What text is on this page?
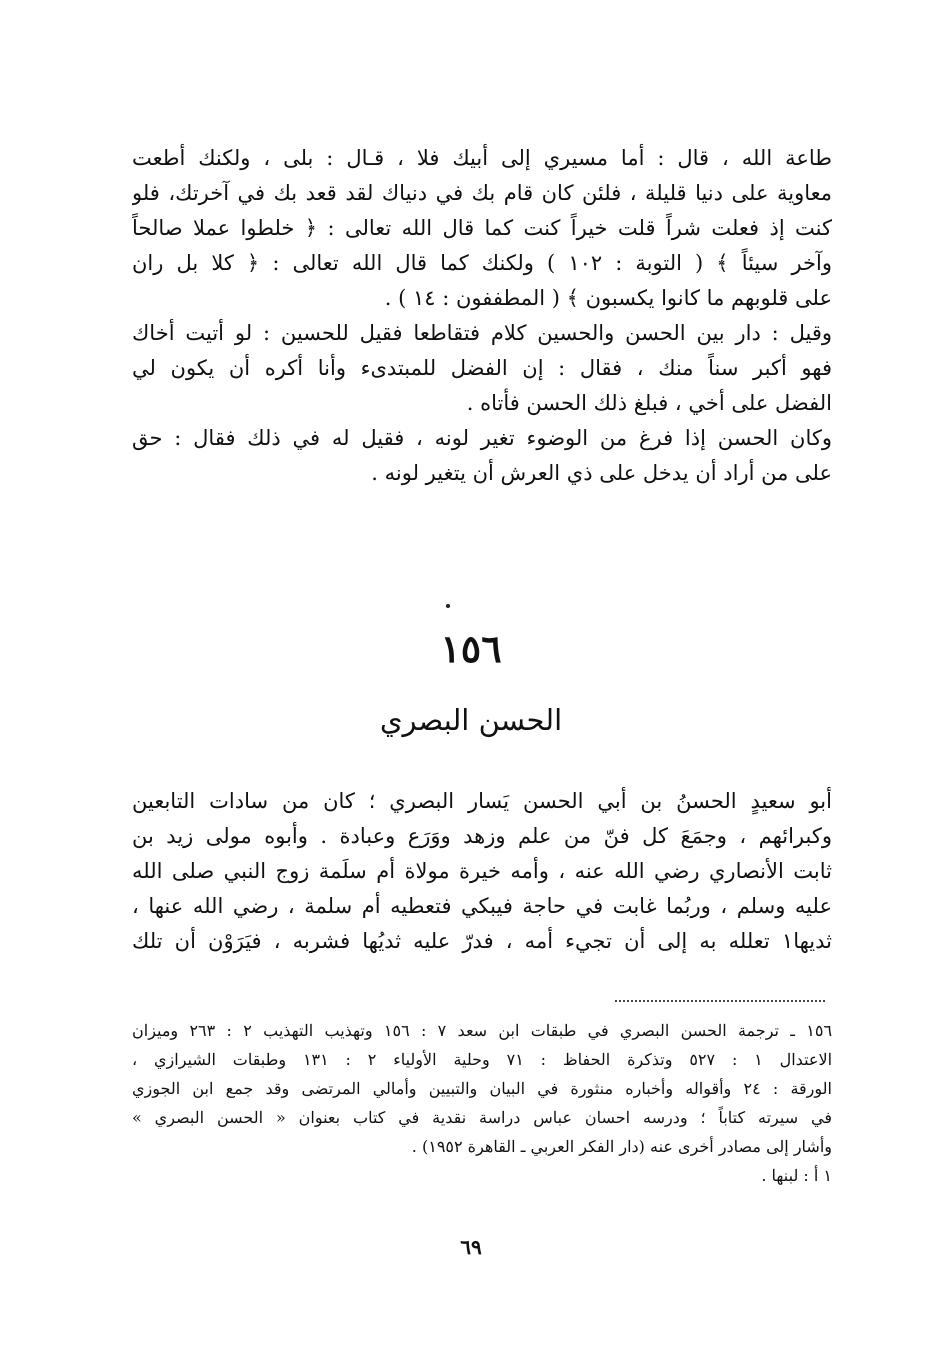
طاعة الله ، قال : أما مسيري إلى أبيك فلا ، قـال : بلى ، ولكنك أطعت
معاوية على دنيا قليلة ، فلئن كان قام بك في دنياك لقد قعد بك في آخرتك، فلو
كنت إذ فعلت شراً قلت خيراً كنت كما قال الله تعالى : ﴿ خلطوا عملا صالحاً
وآخر سيئاً ﴾ ( التوبة : ١٠٢ ) ولكنك كما قال الله تعالى : ﴿ كلا بل ران
على قلوبهم ما كانوا يكسبون ﴾ ( المطففون : ١٤ ) .
وقيل : دار بين الحسن والحسين كلام فتقاطعا فقيل للحسين : لو أتيت أخاك
فهو أكبر سناً منك ، فقال : إن الفضل للمبتدىء وأنا أكره أن يكون لي
الفضل على أخي ، فبلغ ذلك الحسن فأتاه .
وكان الحسن إذا فرغ من الوضوء تغير لونه ، فقيل له في ذلك فقال : حق
على من أراد أن يدخل على ذي العرش أن يتغير لونه .
١٥٦
الحسن البصري
أبو سعيدٍ الحسنُ بن أبي الحسن يَسار البصري ؛ كان من سادات التابعين
وكبرائهم ، وجمَعَ كل فنّ من علم وزهد ووَرَع وعبادة . وأبوه مولى زيد بن
ثابت الأنصاري رضي الله عنه ، وأمه خيرة مولاة أم سلَمة زوج النبي صلى الله
عليه وسلم ، وربُما غابت في حاجة فيبكي فتعطيه أم سلمة ، رضي الله عنها ،
ثديها١ تعلله به إلى أن تجيء أمه ، فدرّ عليه ثديُها فشربه ، فيَرَوْن أن تلك
١٥٦ ـ ترجمة الحسن البصري في طبقات ابن سعد ٧ : ١٥٦ وتهذيب التهذيب ٢ : ٢٦٣ وميزان
الاعتدال ١ : ٥٢٧ وتذكرة الحفاظ : ٧١ وحلية الأولياء ٢ : ١٣١ وطبقات الشيرازي ،
الورقة : ٢٤ وأقواله وأخباره منثورة في البيان والتبيين وأمالي المرتضى وقد جمع ابن الجوزي
في سيرته كتاباً ؛ ودرسه احسان عباس دراسة نقدية في كتاب بعنوان « الحسن البصري »
وأشار إلى مصادر أخرى عنه (دار الفكر العربي ـ القاهرة ١٩٥٢) .
١ أ : لبنها .
٦٩
